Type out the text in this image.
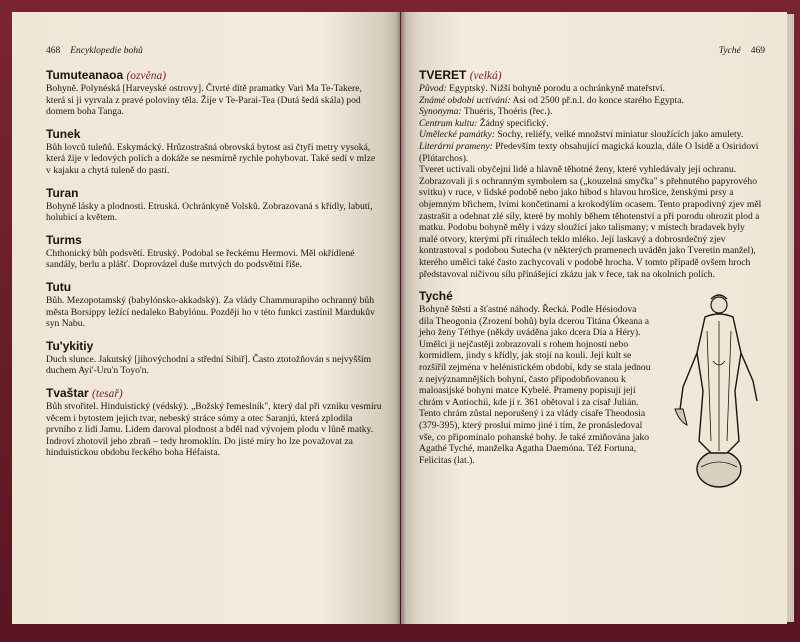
468 Encyklopedie bohů
Tumuteanaoa (ozvěna)

Bohyně. Polynéská [Harveyské ostrovy]. Čtvrté dítě pramatky Vari Ma Te-Takere, která si ji vyrvala z pravé poloviny těla. Žije v Te-Parai-Tea (Dutá šedá skála) pod domem boha Tanga.

Tunek

Bůh lovců tuleňů. Eskymácký. Hrůzostrašná obrovská bytost asi čtyři metry vysoká, která žije v ledových polích a dokáže se nesmírně rychle pohybovat. Také sedí v mlze v kajaku a chytá tuleně do pastí.

Turan

Bohyně lásky a plodnosti. Etruská. Ochránkyně Volsků. Zobrazovaná s křídly, labutí, holubicí a květem.

Turms

Chthonický bůh podsvětí. Etruský. Podobal se řeckému Hermovi. Měl okřídlené sandály, berlu a plášť. Doprovázel duše mrtvých do podsvětní říše.

Tutu

Bůh. Mezopotamský (babylónsko-akkadský). Za vlády Chammurapiho ochranný bůh města Borsippy ležící nedaleko Babylónu. Později ho v této funkci zastínil Mardukův syn Nabu.

Tu'ykitiy

Duch slunce. Jakutský [jihovýchodní a střední Sibiř]. Často ztotožňován s nejvyšším duchem Ayi'-Uru'n Toyo'n.

Tvaštar (tesař)

Bůh stvořitel. Hinduistický (védský). „Božský řemeslník", který dal při vzniku vesmíru věcem i bytostem jejich tvar, nebeský stráce sómy a otec Saranjú, která zplodila prvního z lidí Jamu. Lidem daroval plodnost a bděl nad vývojem plodu v lůně matky. Indroví zhotovil jeho zbraň – tedy hromoklín. Do jisté míry ho lze považovat za hinduistickou obdobu řeckého boha Héfaista.

Tyché 469
TVERET (velká)

Původ: Egyptský. Nižší bohyně porodu a ochránkyně mateřství.

Známé období uctívání: Asi od 2500 př.n.l. do konce starého Egypta.

Synonyma: Thuéris, Thoéris (řec.).

Centrum kultu: Žádný specifický.

Umělecké památky: Sochy, reliéfy, velké množství miniatur sloužících jako amulety.

Literární prameny: Především texty obsahující magická kouzla, dále O Isidě a Osiridovi (Plútarchos).

Tveret uctívali obyčejní lidé a hlavně těhotné ženy, které vyhledávaly její ochranu. Zobrazovali ji s ochranným symbolem sa („kouzelná smyčka" s přehnutého papyrového svitku) v ruce, v lidské podobě nebo jako hibod s hlavou hrošice, ženskými prsy a objemným břichem, lvími končetinami a krokodýlím ocasem. Tento prapodivný zjev měl zastrašit a odehnat zlé síly, které by mohly během těhotenství a při porodu ohrozit plod a matku. Podobu bohyně měly i vázy sloužící jako talismany; v místech bradavek byly malé otvory, kterými při rituálech teklo mléko. Její laskavý a dobrosrdečný zjev kontrastoval s podobou Sutecha (v některých pramenech uváděn jako Tveretin manžel), kterého umělci také často zachycovali v podobě hrocha. V tomto případě ovšem hroch představoval ničivou sílu přinášející zkázu jak v řece, tak na okolních polích.

Tyché

Bohyně štěstí a šťastné náhody. Řecká. Podle Hésiodova díla Theogonia (Zrození bohů) byla dcerou Titána Ókeana a jeho ženy Téthye (někdy uváděna jako dcera Día a Héry). Umělci ji nejčastěji zobrazovali s rohem hojnosti nebo kormidlem, jindy s křídly, jak stojí na kouli. Její kult se rozšířil zejména v helénistickém období, kdy se stala jednou z nejvýznamnějších bohyní, často připodobňovanou k maloasijské bohyni matce Kybelé. Prameny popisují její chrám v Antiochii, kde jí r. 361 obětoval i za císař Julián. Tento chrám zůstal neporušený i za vlády císaře Theodosia (379-395), který prosluí mimo jiné i tím, že pronásledoval vše, co připomínalo pohanské bohy. Je také zmiňována jako Agathé Tyché, manželka Agatha Daemóna. Též Fortuna, Felicitas (lat.).
